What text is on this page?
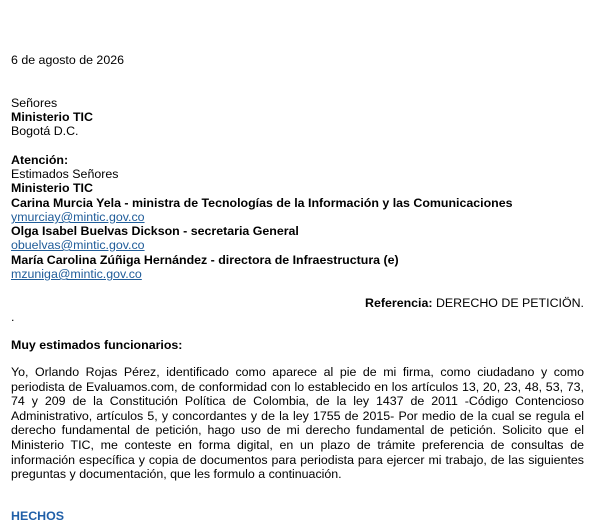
6 de agosto de 2026
Señores
Ministerio TIC
Bogotá D.C.
Atención:
Estimados Señores
Ministerio TIC
Carina Murcia Yela - ministra de Tecnologías de la Información y las Comunicaciones
ymurciay@mintic.gov.co
Olga Isabel Buelvas Dickson - secretaria General
obuelvas@mintic.gov.co
María Carolina Zúñiga Hernández - directora de Infraestructura (e)
mzuniga@mintic.gov.co
Referencia: DERECHO DE PETICIÖN.
.
Muy estimados funcionarios:
Yo, Orlando Rojas Pérez, identificado como aparece al pie de mi firma, como ciudadano y como periodista de Evaluamos.com, de conformidad con lo establecido en los artículos 13, 20, 23, 48, 53, 73, 74 y 209 de la Constitución Política de Colombia, de la ley 1437 de 2011 -Código Contencioso Administrativo, artículos 5, y concordantes y de la ley 1755 de 2015- Por medio de la cual se regula el derecho fundamental de petición, hago uso de mi derecho fundamental de petición. Solicito que el Ministerio TIC, me conteste en forma digital, en un plazo de trámite preferencia de consultas de información específica y copia de documentos para periodista para ejercer mi trabajo, de las siguientes preguntas y documentación, que les formulo a continuación.
HECHOS
